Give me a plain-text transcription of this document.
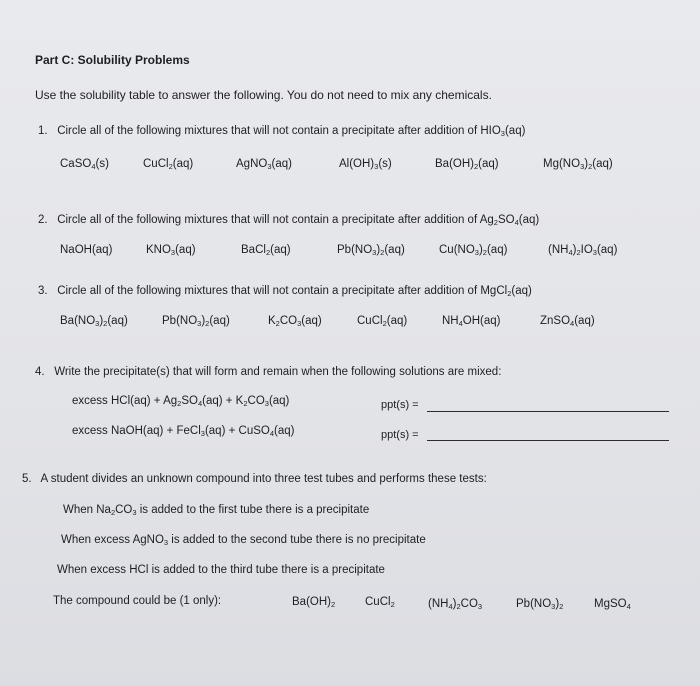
Part C: Solubility Problems
Use the solubility table to answer the following. You do not need to mix any chemicals.
1. Circle all of the following mixtures that will not contain a precipitate after addition of $HIO_3(aq)$
CaSO$_4$(s)	CuCl$_2$(aq)	AgNO$_3$(aq)	$Al(OH)_3(s)$	$Ba(OH)_2(aq)$	$Mg(NO_3)_2(aq)$
2. Circle all of the following mixtures that will not contain a precipitate after addition of $Ag_2SO_4(aq)$
NaOH(aq)	$KNO_3(aq)$	BaCl$_2$(aq)	$Pb(NO_3)_2(aq)$	$Cu(NO_3)_2(aq)$	$(NH_4)_2IO_3(aq)$
3. Circle all of the following mixtures that will not contain a precipitate after addition of MgCl$_2$(aq)
$Ba(NO_3)_2(aq)$	$Pb(NO_3)_2(aq)$	$K_2CO_3(aq)$	CuCl$_2$(aq)	$NH_4OH(aq)$	ZnSO$_4$(aq)
4. Write the precipitate(s) that will form and remain when the following solutions are mixed:
excess $HCl(aq) + Ag_2SO_4(aq) + K_2CO_3(aq)$	ppt(s) =
excess NaOH(aq) + FeCl$_3$(aq) + CuSO$_4$(aq)	ppt(s) =
5. A student divides an unknown compound into three test tubes and performs these tests:
When $Na_2CO_3$ is added to the first tube there is a precipitate
When excess AgNO$_3$ is added to the second tube there is no precipitate
When excess HCl is added to the third tube there is a precipitate
The compound could be (1 only):	$Ba(OH)_2$	CuCl$_2$	$(NH_4)_2CO_3$	$Pb(NO_3)_2$	MgSO$_4$
